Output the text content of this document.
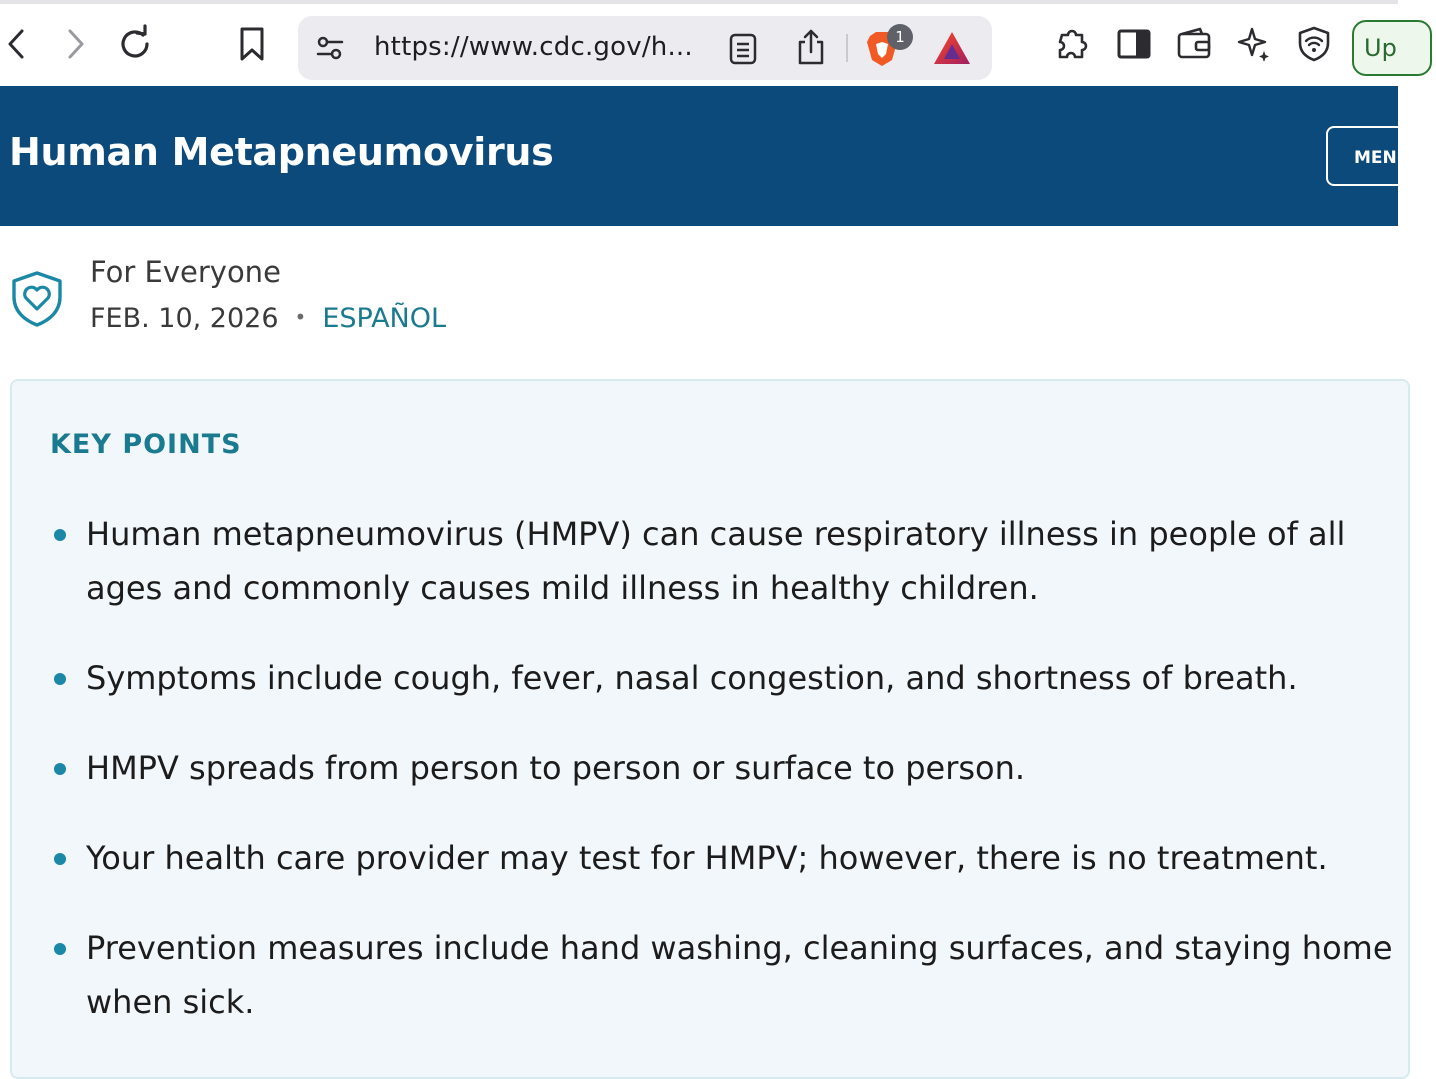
https://www.cdc.gov/h...	1	Up
Human Metapneumovirus	MENU
For Everyone
FEB. 10, 2026 • ESPAÑOL
KEY POINTS
Human metapneumovirus (HMPV) can cause respiratory illness in people of all ages and commonly causes mild illness in healthy children.
Symptoms include cough, fever, nasal congestion, and shortness of breath.
HMPV spreads from person to person or surface to person.
Your health care provider may test for HMPV; however, there is no treatment.
Prevention measures include hand washing, cleaning surfaces, and staying home when sick.
